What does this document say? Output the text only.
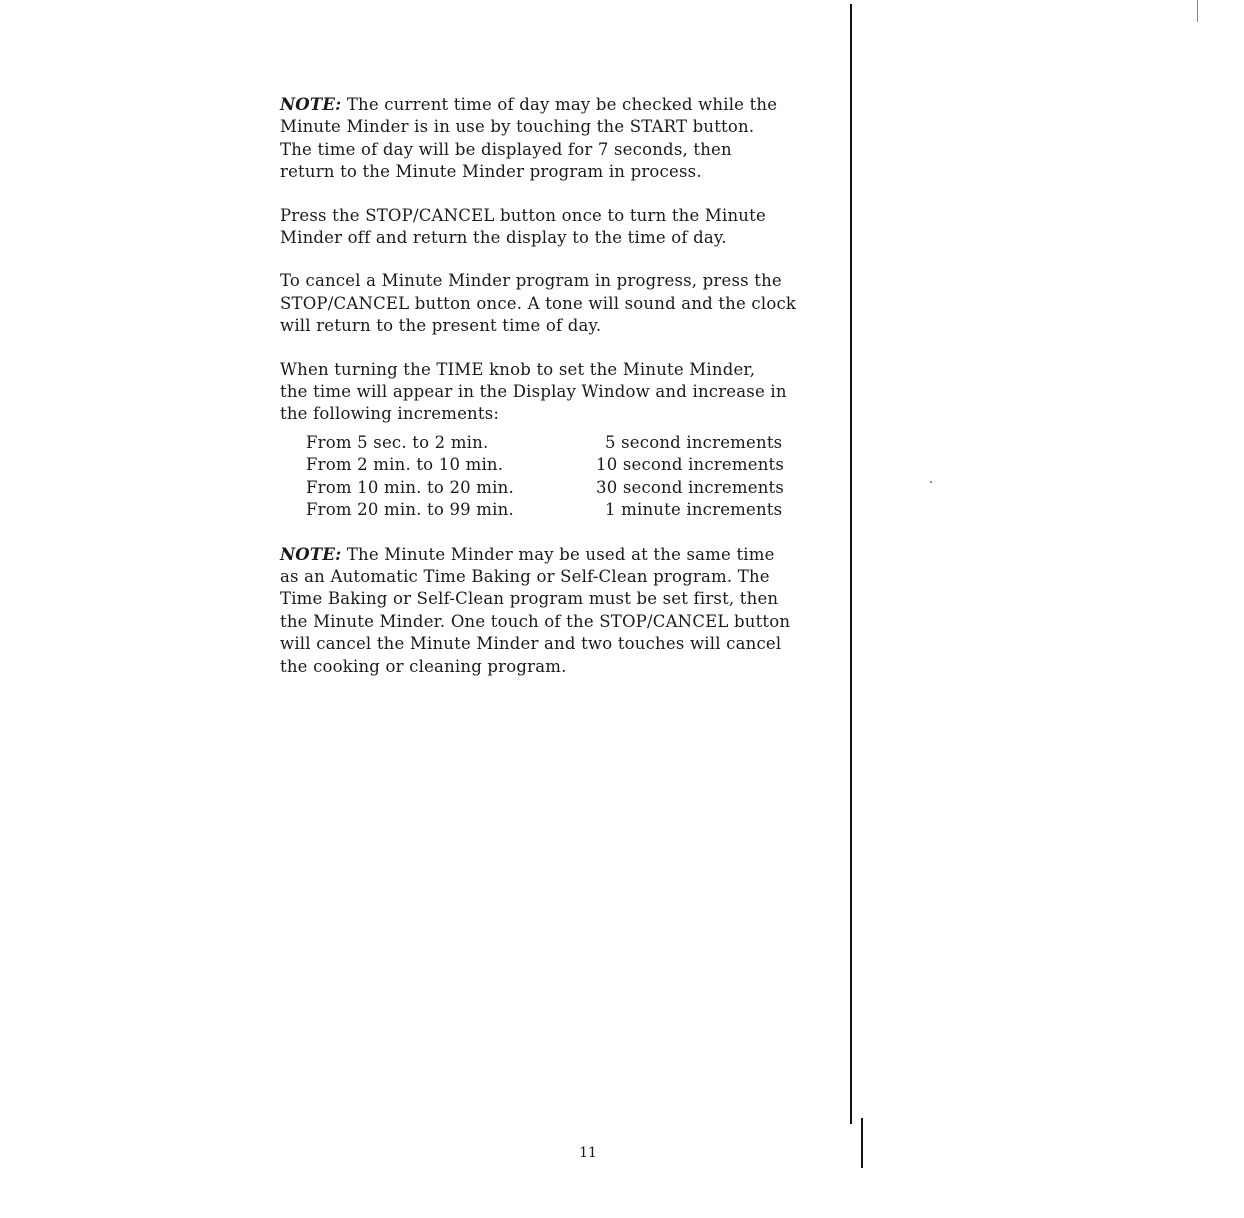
NOTE: The current time of day may be checked while the
Minute Minder is in use by touching the START button.
The time of day will be displayed for 7 seconds, then
return to the Minute Minder program in process.

Press the STOP/CANCEL button once to turn the Minute
Minder off and return the display to the time of day.

To cancel a Minute Minder program in progress, press the
STOP/CANCEL button once. A tone will sound and the clock
will return to the present time of day.

When turning the TIME knob to set the Minute Minder,
the time will appear in the Display Window and increase in
the following increments:

From 5 sec. to 2 min.	5 second increments
From 2 min. to 10 min.	10 second increments
From 10 min. to 20 min.	30 second increments
From 20 min. to 99 min.	1 minute increments

NOTE: The Minute Minder may be used at the same time
as an Automatic Time Baking or Self-Clean program. The
Time Baking or Self-Clean program must be set first, then
the Minute Minder. One touch of the STOP/CANCEL button
will cancel the Minute Minder and two touches will cancel
the cooking or cleaning program.

11
